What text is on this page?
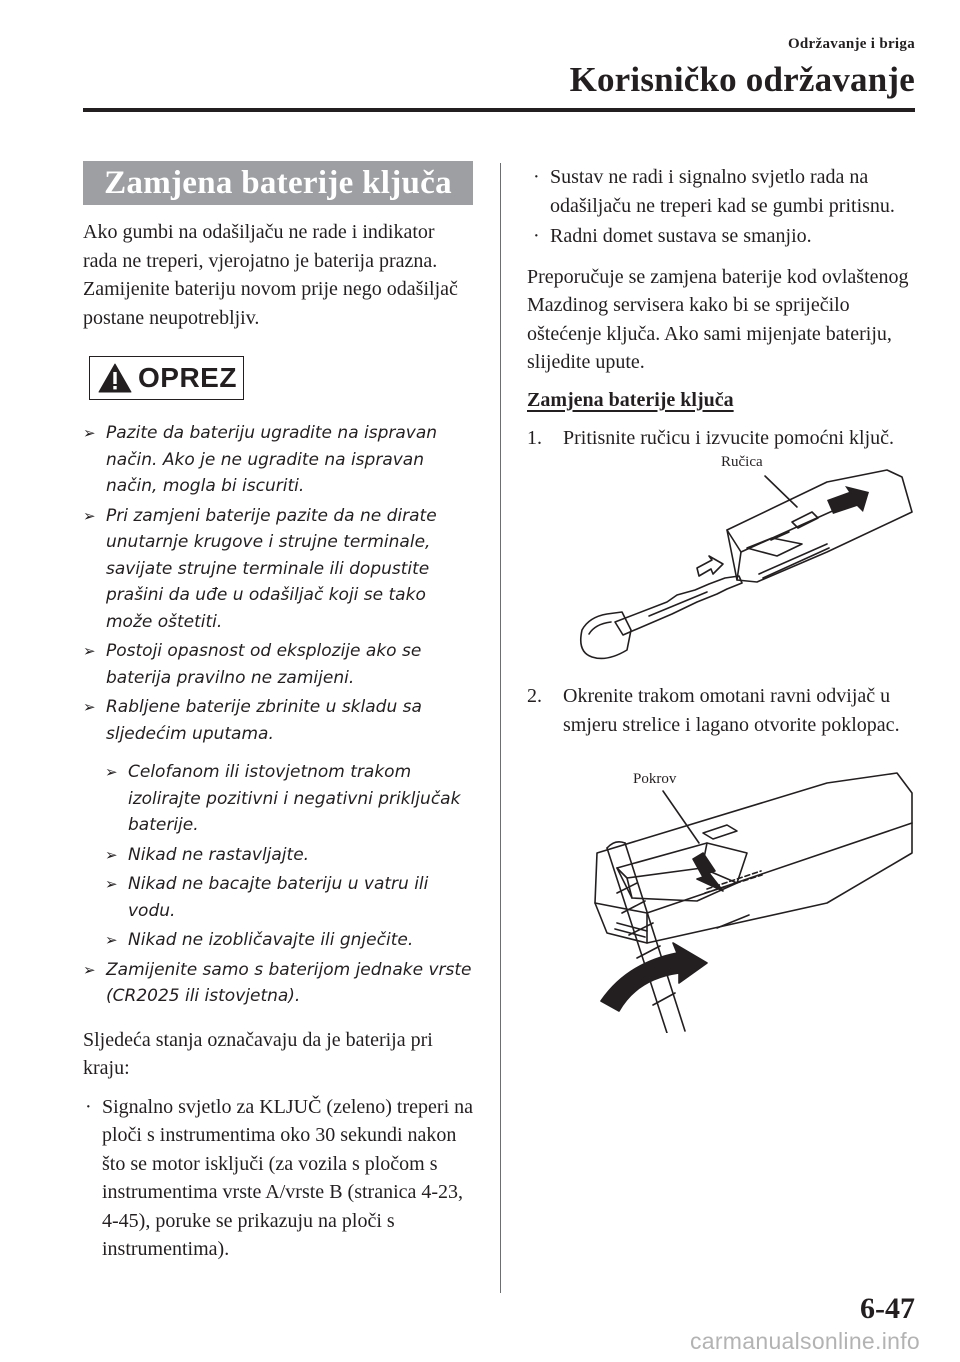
Održavanje i briga
Korisničko održavanje
Zamjena baterije ključa

Ako gumbi na odašiljaču ne rade i indikator rada ne treperi, vjerojatno je baterija prazna.

Zamijenite bateriju novom prije nego odašiljač postane neupotrebljiv.

OPREZ
➢ Pazite da bateriju ugradite na ispravan način. Ako je ne ugradite na ispravan način, mogla bi iscuriti.
➢ Pri zamjeni baterije pazite da ne dirate unutarnje krugove i strujne terminale, savijate strujne terminale ili dopustite prašini da uđe u odašiljač koji se tako može oštetiti.
➢ Postoji opasnost od eksplozije ako se baterija pravilno ne zamijeni.
➢ Rabljene baterije zbrinite u skladu sa sljedećim uputama.
➢ Celofanom ili istovjetnom trakom izolirajte pozitivni i negativni priključak baterije.
➢ Nikad ne rastavljajte.
➢ Nikad ne bacajte bateriju u vatru ili vodu.
➢ Nikad ne izobličavajte ili gnječite.
➢ Zamijenite samo s baterijom jednake vrste (CR2025 ili istovjetna).

Sljedeća stanja označavaju da je baterija pri kraju:

· Signalno svjetlo za KLJUČ (zeleno) treperi na ploči s instrumentima oko 30 sekundi nakon što se motor isključi (za vozila s pločom s instrumentima vrste A/vrste B (stranica 4-23, 4-45), poruke se prikazuju na ploči s instrumentima).
· Sustav ne radi i signalno svjetlo rada na odašiljaču ne treperi kad se gumbi pritisnu.
· Radni domet sustava se smanjio.

Preporučuje se zamjena baterije kod ovlaštenog Mazdinog servisera kako bi se spriječilo oštećenje ključa. Ako sami mijenjate bateriju, slijedite upute.

Zamjena baterije ključa
1. Pritisnite ručicu i izvucite pomoćni ključ.
Ručica
2. Okrenite trakom omotani ravni odvijač u smjeru strelice i lagano otvorite poklopac.
Pokrov
6-47
carmanualsonline.info
